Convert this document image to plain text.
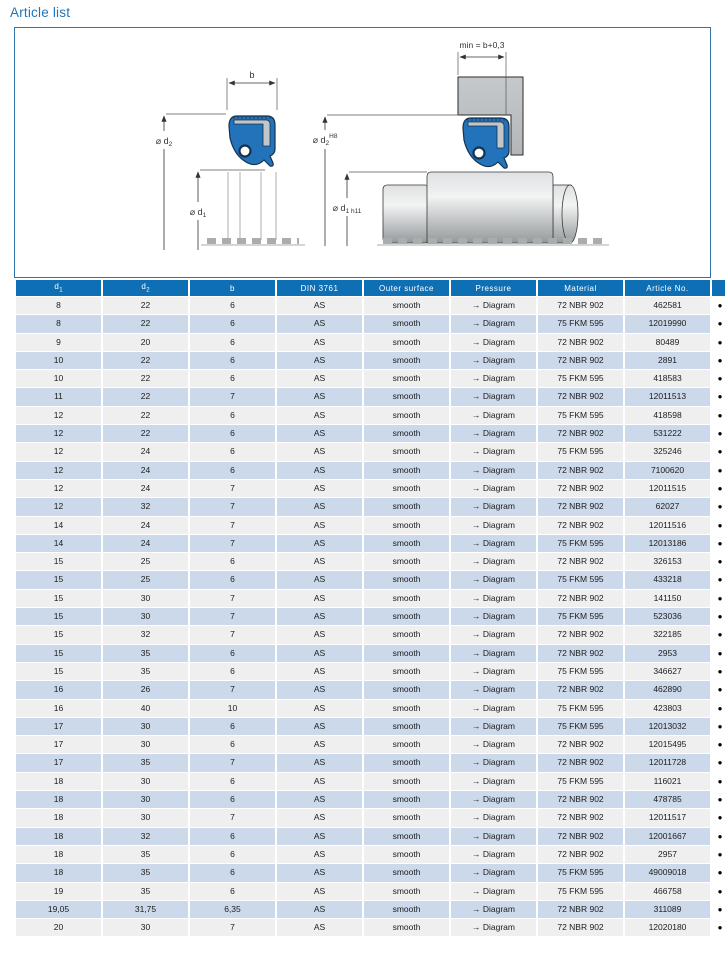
Article list
min = b+0,3
⌀ $d_2^{H8}$
⌀ $d_{1 h11}$
b
⌀ $d_2$
⌀ $d_1$
$d_1$	$d_2$	b	DIN 3761	Outer surface	Pressure	Material	Article No.	
8	22	6	AS	smooth	→ Diagram	72 NBR 902	462581	●
8	22	6	AS	smooth	→ Diagram	75 FKM 595	12019990	●
9	20	6	AS	smooth	→ Diagram	72 NBR 902	80489	●
10	22	6	AS	smooth	→ Diagram	72 NBR 902	2891	●
10	22	6	AS	smooth	→ Diagram	75 FKM 595	418583	●
11	22	7	AS	smooth	→ Diagram	72 NBR 902	12011513	●
12	22	6	AS	smooth	→ Diagram	75 FKM 595	418598	●
12	22	6	AS	smooth	→ Diagram	72 NBR 902	531222	●
12	24	6	AS	smooth	→ Diagram	75 FKM 595	325246	●
12	24	6	AS	smooth	→ Diagram	72 NBR 902	7100620	●
12	24	7	AS	smooth	→ Diagram	72 NBR 902	12011515	●
12	32	7	AS	smooth	→ Diagram	72 NBR 902	62027	●
14	24	7	AS	smooth	→ Diagram	72 NBR 902	12011516	●
14	24	7	AS	smooth	→ Diagram	75 FKM 595	12013186	●
15	25	6	AS	smooth	→ Diagram	72 NBR 902	326153	●
15	25	6	AS	smooth	→ Diagram	75 FKM 595	433218	●
15	30	7	AS	smooth	→ Diagram	72 NBR 902	141150	●
15	30	7	AS	smooth	→ Diagram	75 FKM 595	523036	●
15	32	7	AS	smooth	→ Diagram	72 NBR 902	322185	●
15	35	6	AS	smooth	→ Diagram	72 NBR 902	2953	●
15	35	6	AS	smooth	→ Diagram	75 FKM 595	346627	●
16	26	7	AS	smooth	→ Diagram	72 NBR 902	462890	●
16	40	10	AS	smooth	→ Diagram	75 FKM 595	423803	●
17	30	6	AS	smooth	→ Diagram	75 FKM 595	12013032	●
17	30	6	AS	smooth	→ Diagram	72 NBR 902	12015495	●
17	35	7	AS	smooth	→ Diagram	72 NBR 902	12011728	●
18	30	6	AS	smooth	→ Diagram	75 FKM 595	116021	●
18	30	6	AS	smooth	→ Diagram	72 NBR 902	478785	●
18	30	7	AS	smooth	→ Diagram	72 NBR 902	12011517	●
18	32	6	AS	smooth	→ Diagram	72 NBR 902	12001667	●
18	35	6	AS	smooth	→ Diagram	72 NBR 902	2957	●
18	35	6	AS	smooth	→ Diagram	75 FKM 595	49009018	●
19	35	6	AS	smooth	→ Diagram	75 FKM 595	466758	●
19,05	31,75	6,35	AS	smooth	→ Diagram	72 NBR 902	311089	●
20	30	7	AS	smooth	→ Diagram	72 NBR 902	12020180	●
